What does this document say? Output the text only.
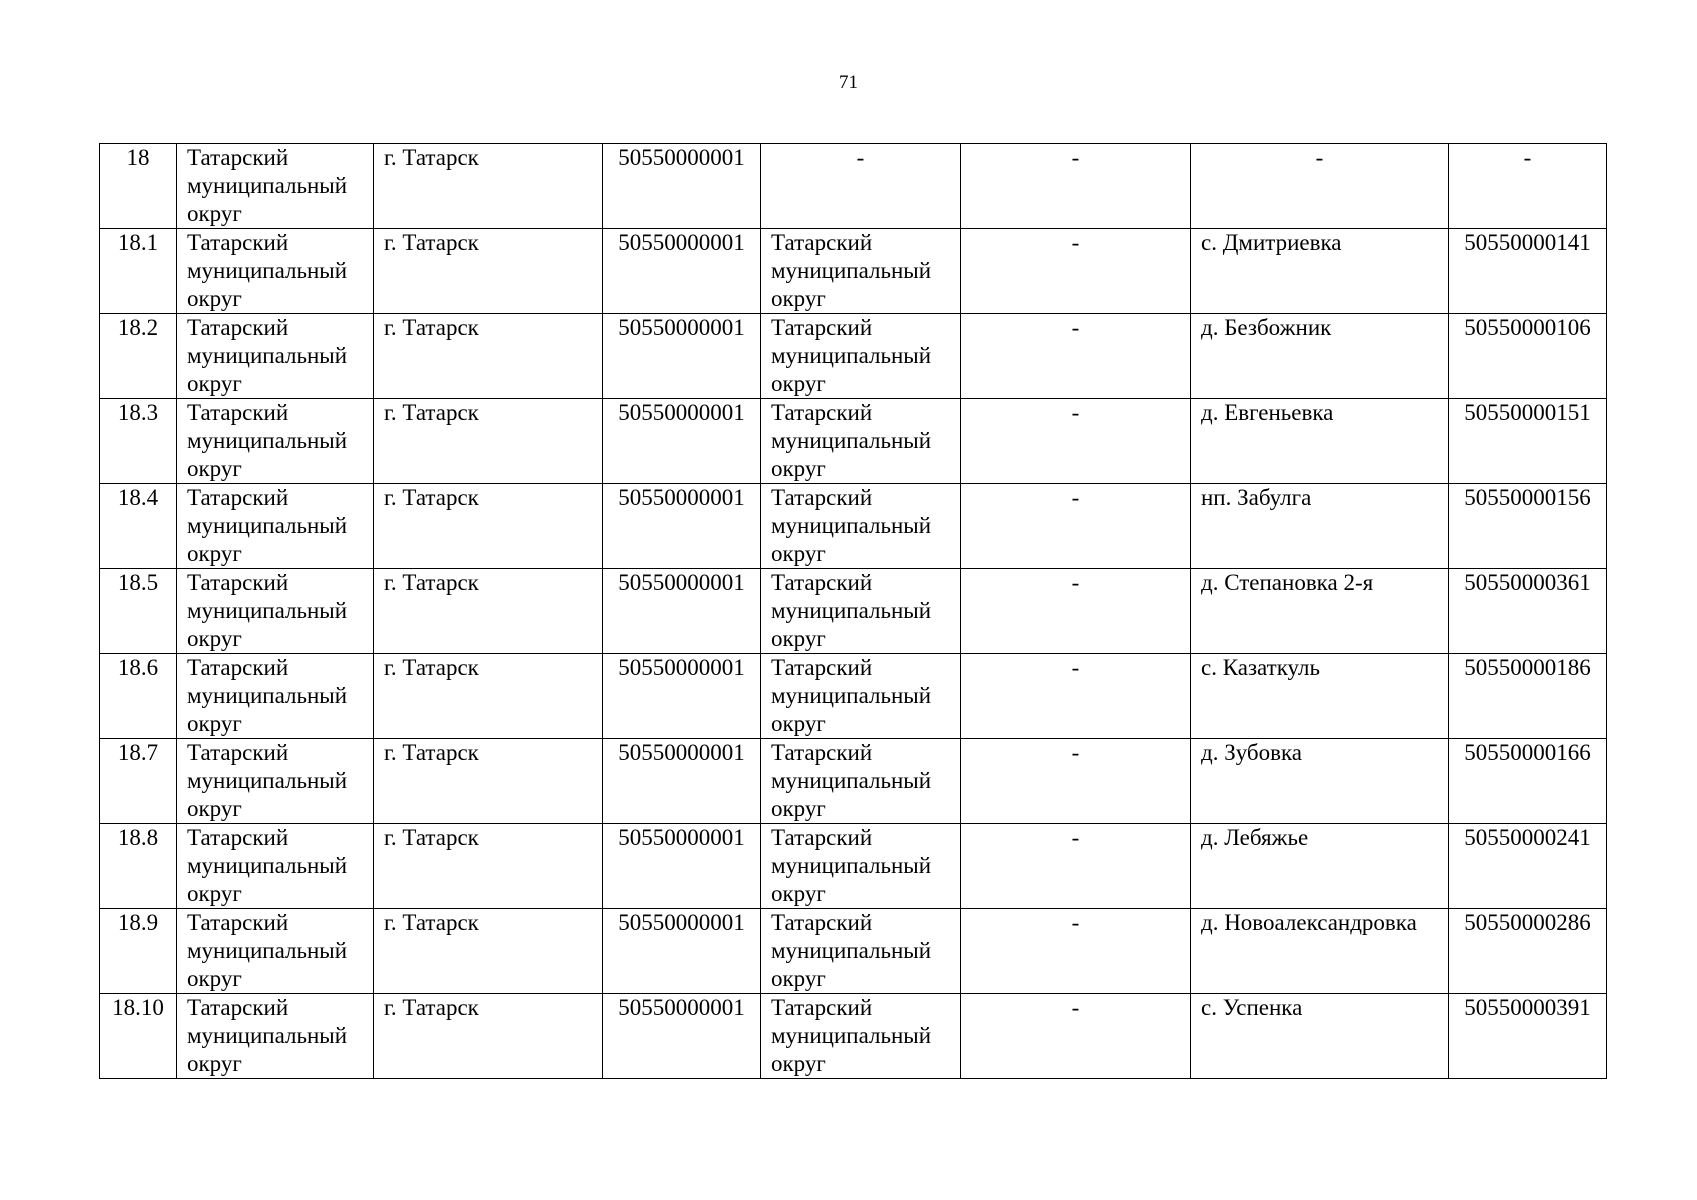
71
18	Татарский муниципальный округ	г. Татарск	50550000001	-	-	-	-
18.1	Татарский муниципальный округ	г. Татарск	50550000001	Татарский муниципальный округ	-	с. Дмитриевка	50550000141
18.2	Татарский муниципальный округ	г. Татарск	50550000001	Татарский муниципальный округ	-	д. Безбожник	50550000106
18.3	Татарский муниципальный округ	г. Татарск	50550000001	Татарский муниципальный округ	-	д. Евгеньевка	50550000151
18.4	Татарский муниципальный округ	г. Татарск	50550000001	Татарский муниципальный округ	-	нп. Забулга	50550000156
18.5	Татарский муниципальный округ	г. Татарск	50550000001	Татарский муниципальный округ	-	д. Степановка 2-я	50550000361
18.6	Татарский муниципальный округ	г. Татарск	50550000001	Татарский муниципальный округ	-	с. Казаткуль	50550000186
18.7	Татарский муниципальный округ	г. Татарск	50550000001	Татарский муниципальный округ	-	д. Зубовка	50550000166
18.8	Татарский муниципальный округ	г. Татарск	50550000001	Татарский муниципальный округ	-	д. Лебяжье	50550000241
18.9	Татарский муниципальный округ	г. Татарск	50550000001	Татарский муниципальный округ	-	д. Новоалександровка	50550000286
18.10	Татарский муниципальный округ	г. Татарск	50550000001	Татарский муниципальный округ	-	с. Успенка	50550000391
